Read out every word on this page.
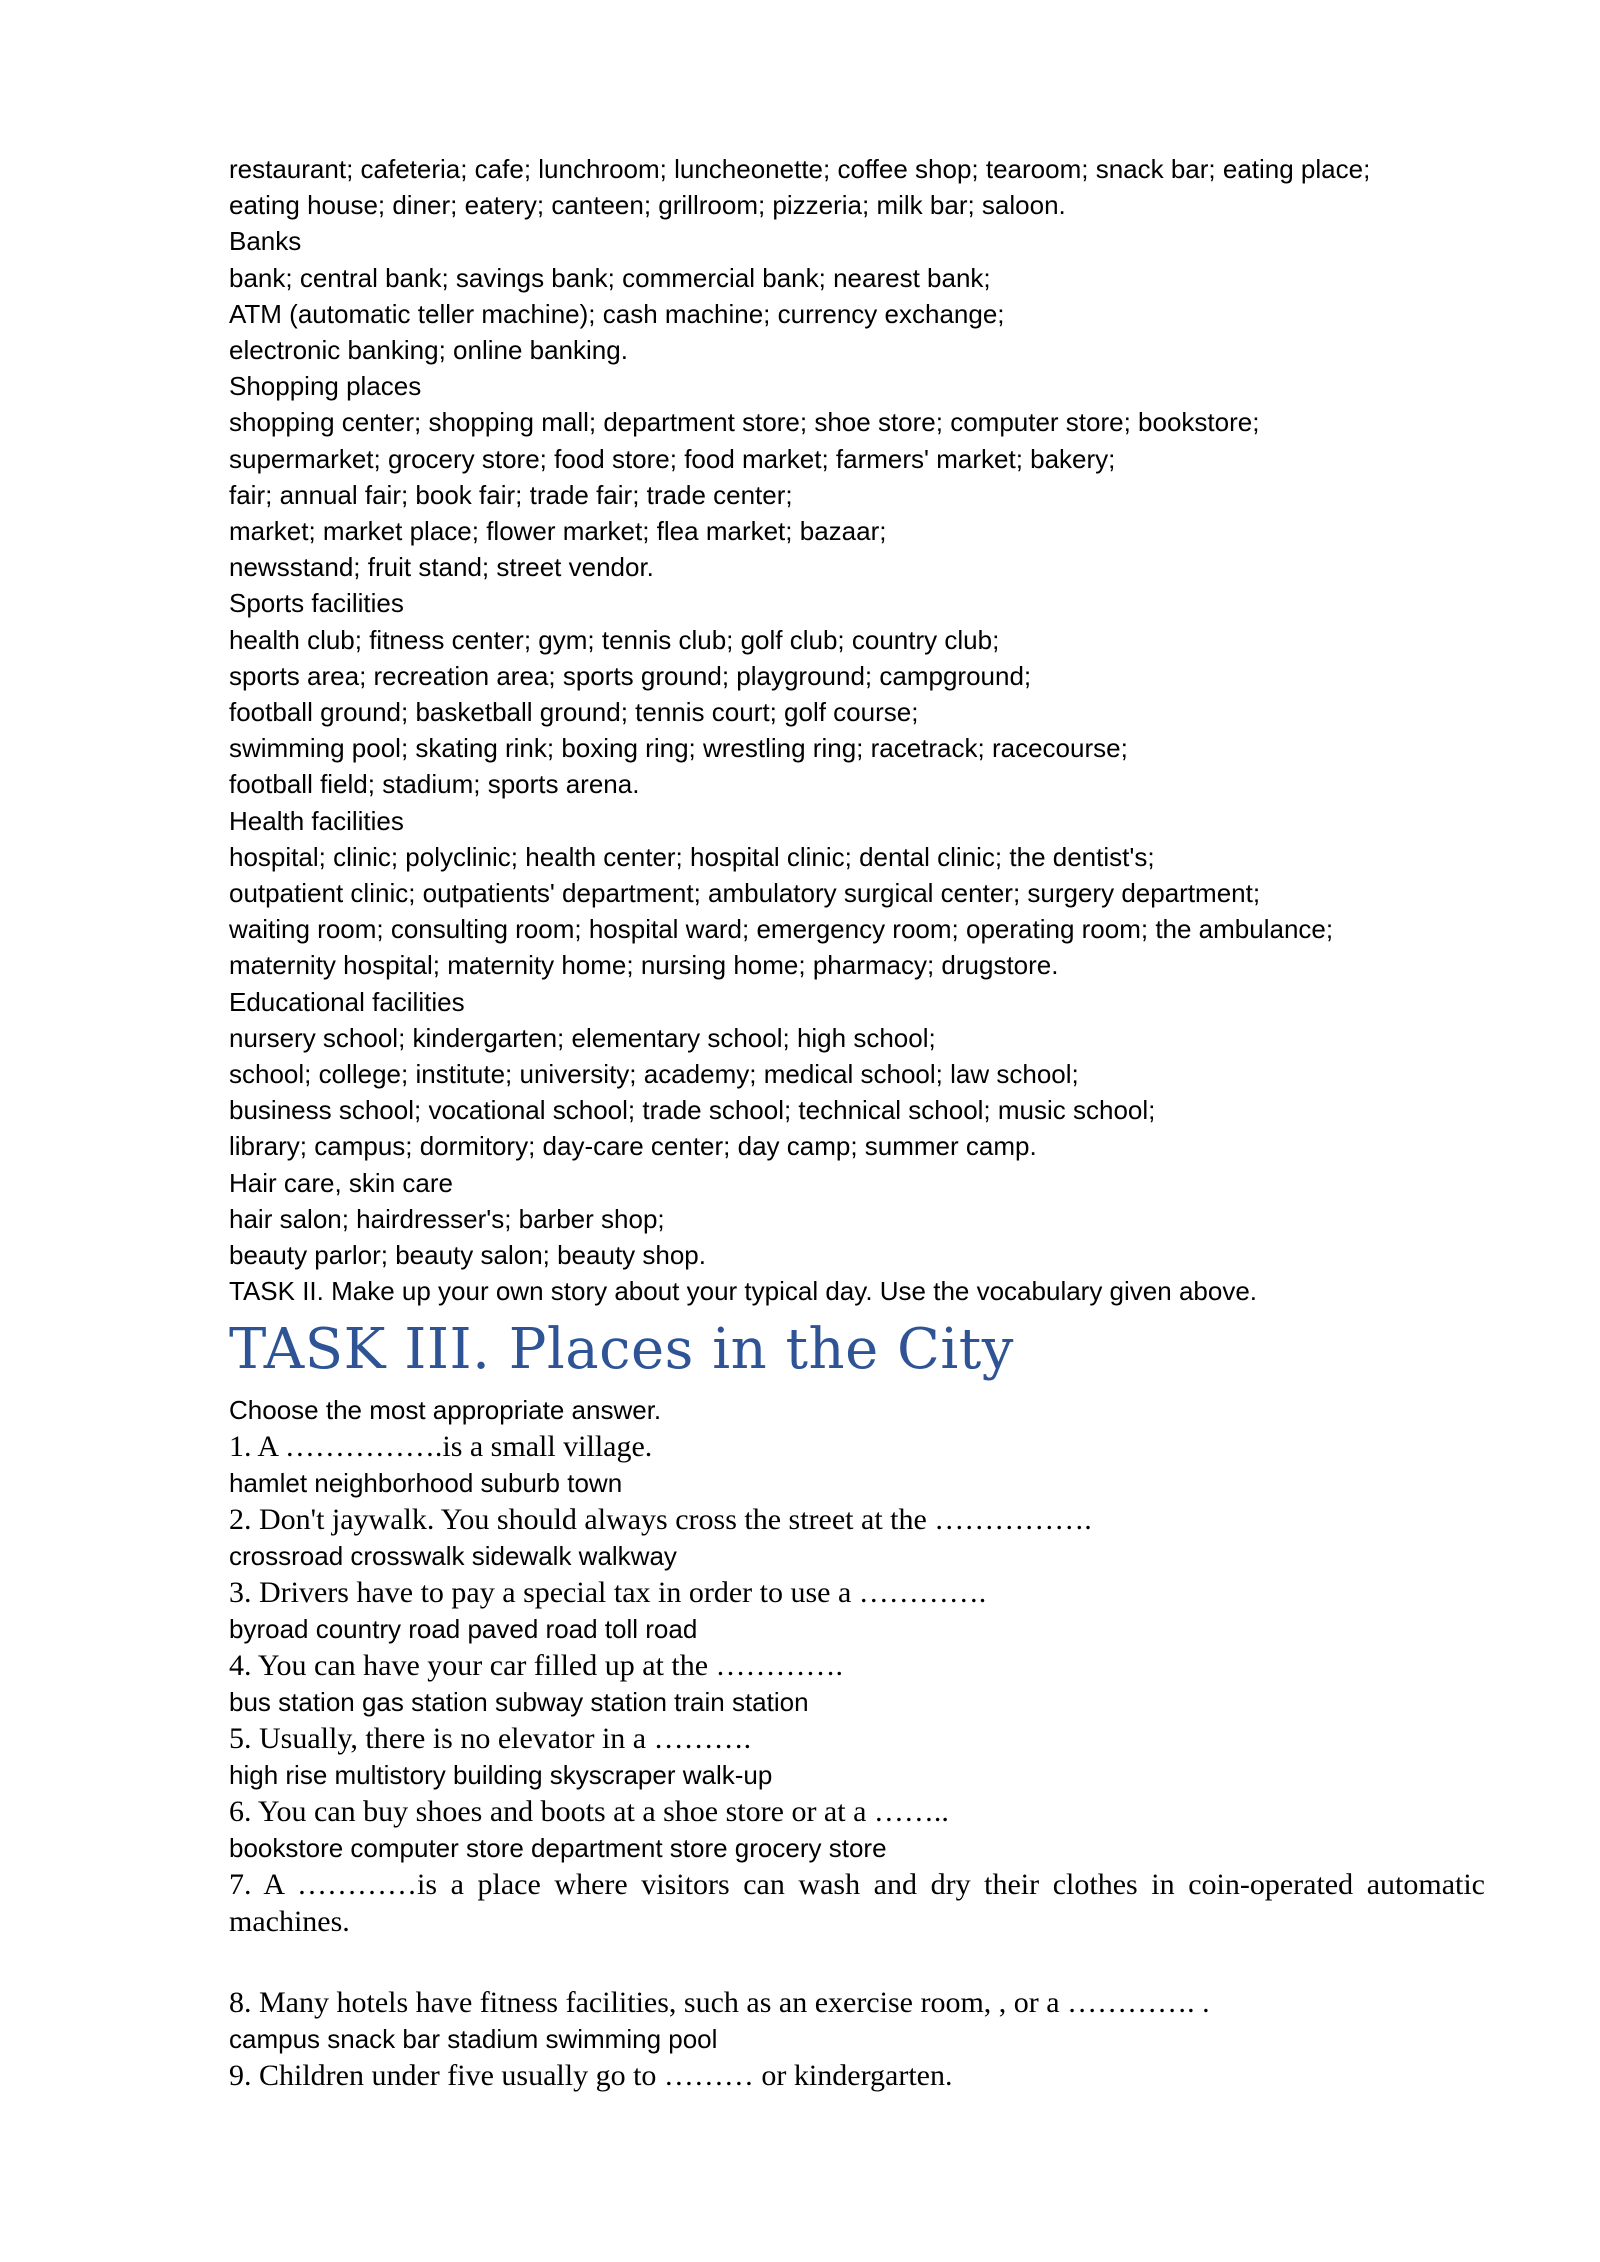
restaurant; cafeteria; cafe; lunchroom; luncheonette; coffee shop; tearoom; snack bar; eating place;

eating house; diner; eatery; canteen; grillroom; pizzeria; milk bar; saloon.

Banks

bank; central bank; savings bank; commercial bank; nearest bank;

ATM (automatic teller machine); cash machine; currency exchange;

electronic banking; online banking.

Shopping places

shopping center; shopping mall; department store; shoe store; computer store; bookstore;

supermarket; grocery store; food store; food market; farmers' market; bakery;

fair; annual fair; book fair; trade fair; trade center;

market; market place; flower market; flea market; bazaar;

newsstand; fruit stand; street vendor.

Sports facilities

health club; fitness center; gym; tennis club; golf club; country club;

sports area; recreation area; sports ground; playground; campground;

football ground; basketball ground; tennis court; golf course;

swimming pool; skating rink; boxing ring; wrestling ring; racetrack; racecourse;

football field; stadium; sports arena.

Health facilities

hospital; clinic; polyclinic; health center; hospital clinic; dental clinic; the dentist's;

outpatient clinic; outpatients' department; ambulatory surgical center; surgery department;

waiting room; consulting room; hospital ward; emergency room; operating room; the ambulance;

maternity hospital; maternity home; nursing home; pharmacy; drugstore.

Educational facilities

nursery school; kindergarten; elementary school; high school;

school; college; institute; university; academy; medical school; law school;

business school; vocational school; trade school; technical school; music school;

library; campus; dormitory; day-care center; day camp; summer camp.

Hair care, skin care

hair salon; hairdresser's; barber shop;

beauty parlor; beauty salon; beauty shop.

TASK II. Make up your own story about your typical day. Use the vocabulary given above.

TASK III. Places in the City

Choose the most appropriate answer.

1. A …………….is a small village.

hamlet neighborhood suburb town

2. Don't jaywalk. You should always cross the street at the …………….

crossroad crosswalk sidewalk walkway

3. Drivers have to pay a special tax in order to use a ………….

byroad country road paved road toll road

4. You can have your car filled up at the ………….

bus station gas station subway station train station

5. Usually, there is no elevator in a ……….

high rise multistory building skyscraper walk-up

6. You can buy shoes and boots at a shoe store or at a ……..

bookstore computer store department store grocery store

7. A …………is a place where visitors can wash and dry their clothes in coin-operated automatic machines.

8. Many hotels have fitness facilities, such as an exercise room, , or a …………. .

campus snack bar stadium swimming pool

9. Children under five usually go to ……… or kindergarten.
